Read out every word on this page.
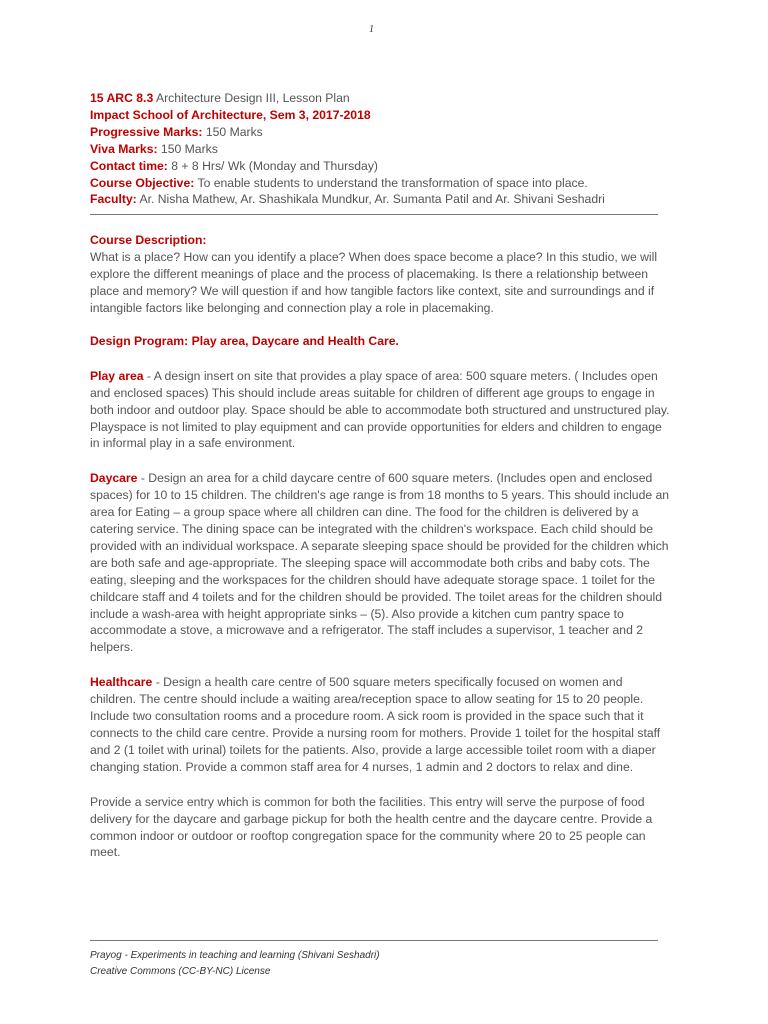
1
15 ARC 8.3 Architecture Design III, Lesson Plan
Impact School of Architecture, Sem 3, 2017-2018
Progressive Marks: 150 Marks
Viva Marks: 150 Marks
Contact time: 8 + 8 Hrs/ Wk (Monday and Thursday)
Course Objective: To enable students to understand the transformation of space into place.
Faculty: Ar. Nisha Mathew, Ar. Shashikala Mundkur, Ar. Sumanta Patil and Ar. Shivani Seshadri
Course Description:

What is a place? How can you identify a place? When does space become a place? In this studio, we will explore the different meanings of place and the process of placemaking. Is there a relationship between place and memory? We will question if and how tangible factors like context, site and surroundings and if intangible factors like belonging and connection play a role in placemaking.

Design Program: Play area, Daycare and Health Care.

Play area - A design insert on site that provides a play space of area: 500 square meters. ( Includes open and enclosed spaces) This should include areas suitable for children of different age groups to engage in both indoor and outdoor play. Space should be able to accommodate both structured and unstructured play. Playspace is not limited to play equipment and can provide opportunities for elders and children to engage in informal play in a safe environment.

Daycare - Design an area for a child daycare centre of 600 square meters. (Includes open and enclosed spaces) for 10 to 15 children. The children's age range is from 18 months to 5 years. This should include an area for Eating – a group space where all children can dine. The food for the children is delivered by a catering service. The dining space can be integrated with the children's workspace. Each child should be provided with an individual workspace. A separate sleeping space should be provided for the children which are both safe and age-appropriate. The sleeping space will accommodate both cribs and baby cots. The eating, sleeping and the workspaces for the children should have adequate storage space. 1 toilet for the childcare staff and 4 toilets and for the children should be provided. The toilet areas for the children should include a wash-area with height appropriate sinks – (5). Also provide a kitchen cum pantry space to accommodate a stove, a microwave and a refrigerator. The staff includes a supervisor, 1 teacher and 2 helpers.

Healthcare - Design a health care centre of 500 square meters specifically focused on women and children. The centre should include a waiting area/reception space to allow seating for 15 to 20 people. Include two consultation rooms and a procedure room. A sick room is provided in the space such that it connects to the child care centre. Provide a nursing room for mothers. Provide 1 toilet for the hospital staff and 2 (1 toilet with urinal) toilets for the patients. Also, provide a large accessible toilet room with a diaper changing station. Provide a common staff area for 4 nurses, 1 admin and 2 doctors to relax and dine.

Provide a service entry which is common for both the facilities. This entry will serve the purpose of food delivery for the daycare and garbage pickup for both the health centre and the daycare centre. Provide a common indoor or outdoor or rooftop congregation space for the community where 20 to 25 people can meet.

Prayog - Experiments in teaching and learning (Shivani Seshadri)
Creative Commons (CC-BY-NC) License
